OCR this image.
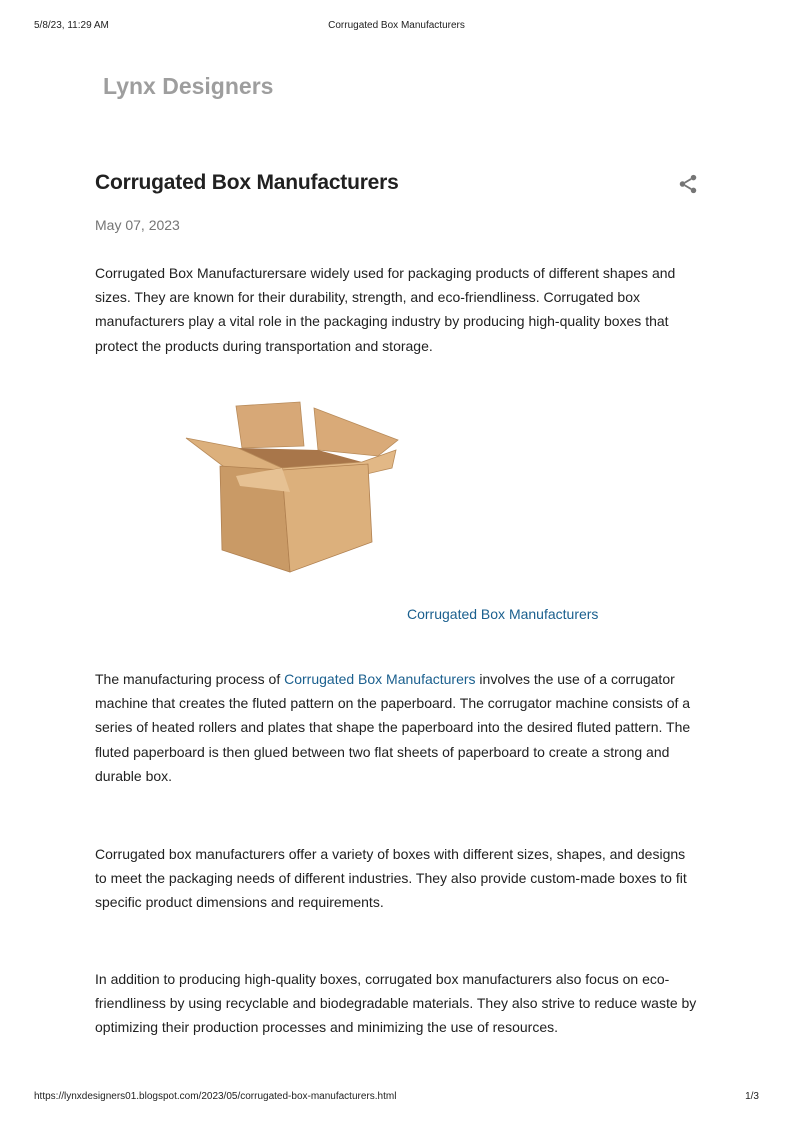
5/8/23, 11:29 AM	Corrugated Box Manufacturers
Lynx Designers
Corrugated Box Manufacturers
May 07, 2023

Corrugated Box Manufacturersare widely used for packaging products of different shapes and sizes. They are known for their durability, strength, and eco-friendliness. Corrugated box manufacturers play a vital role in the packaging industry by producing high-quality boxes that protect the products during transportation and storage.

Corrugated Box Manufacturers

The manufacturing process of Corrugated Box Manufacturers involves the use of a corrugator machine that creates the fluted pattern on the paperboard. The corrugator machine consists of a series of heated rollers and plates that shape the paperboard into the desired fluted pattern. The fluted paperboard is then glued between two flat sheets of paperboard to create a strong and durable box.

Corrugated box manufacturers offer a variety of boxes with different sizes, shapes, and designs to meet the packaging needs of different industries. They also provide custom-made boxes to fit specific product dimensions and requirements.

In addition to producing high-quality boxes, corrugated box manufacturers also focus on eco-friendliness by using recyclable and biodegradable materials. They also strive to reduce waste by optimizing their production processes and minimizing the use of resources.

https://lynxdesigners01.blogspot.com/2023/05/corrugated-box-manufacturers.html	1/3
